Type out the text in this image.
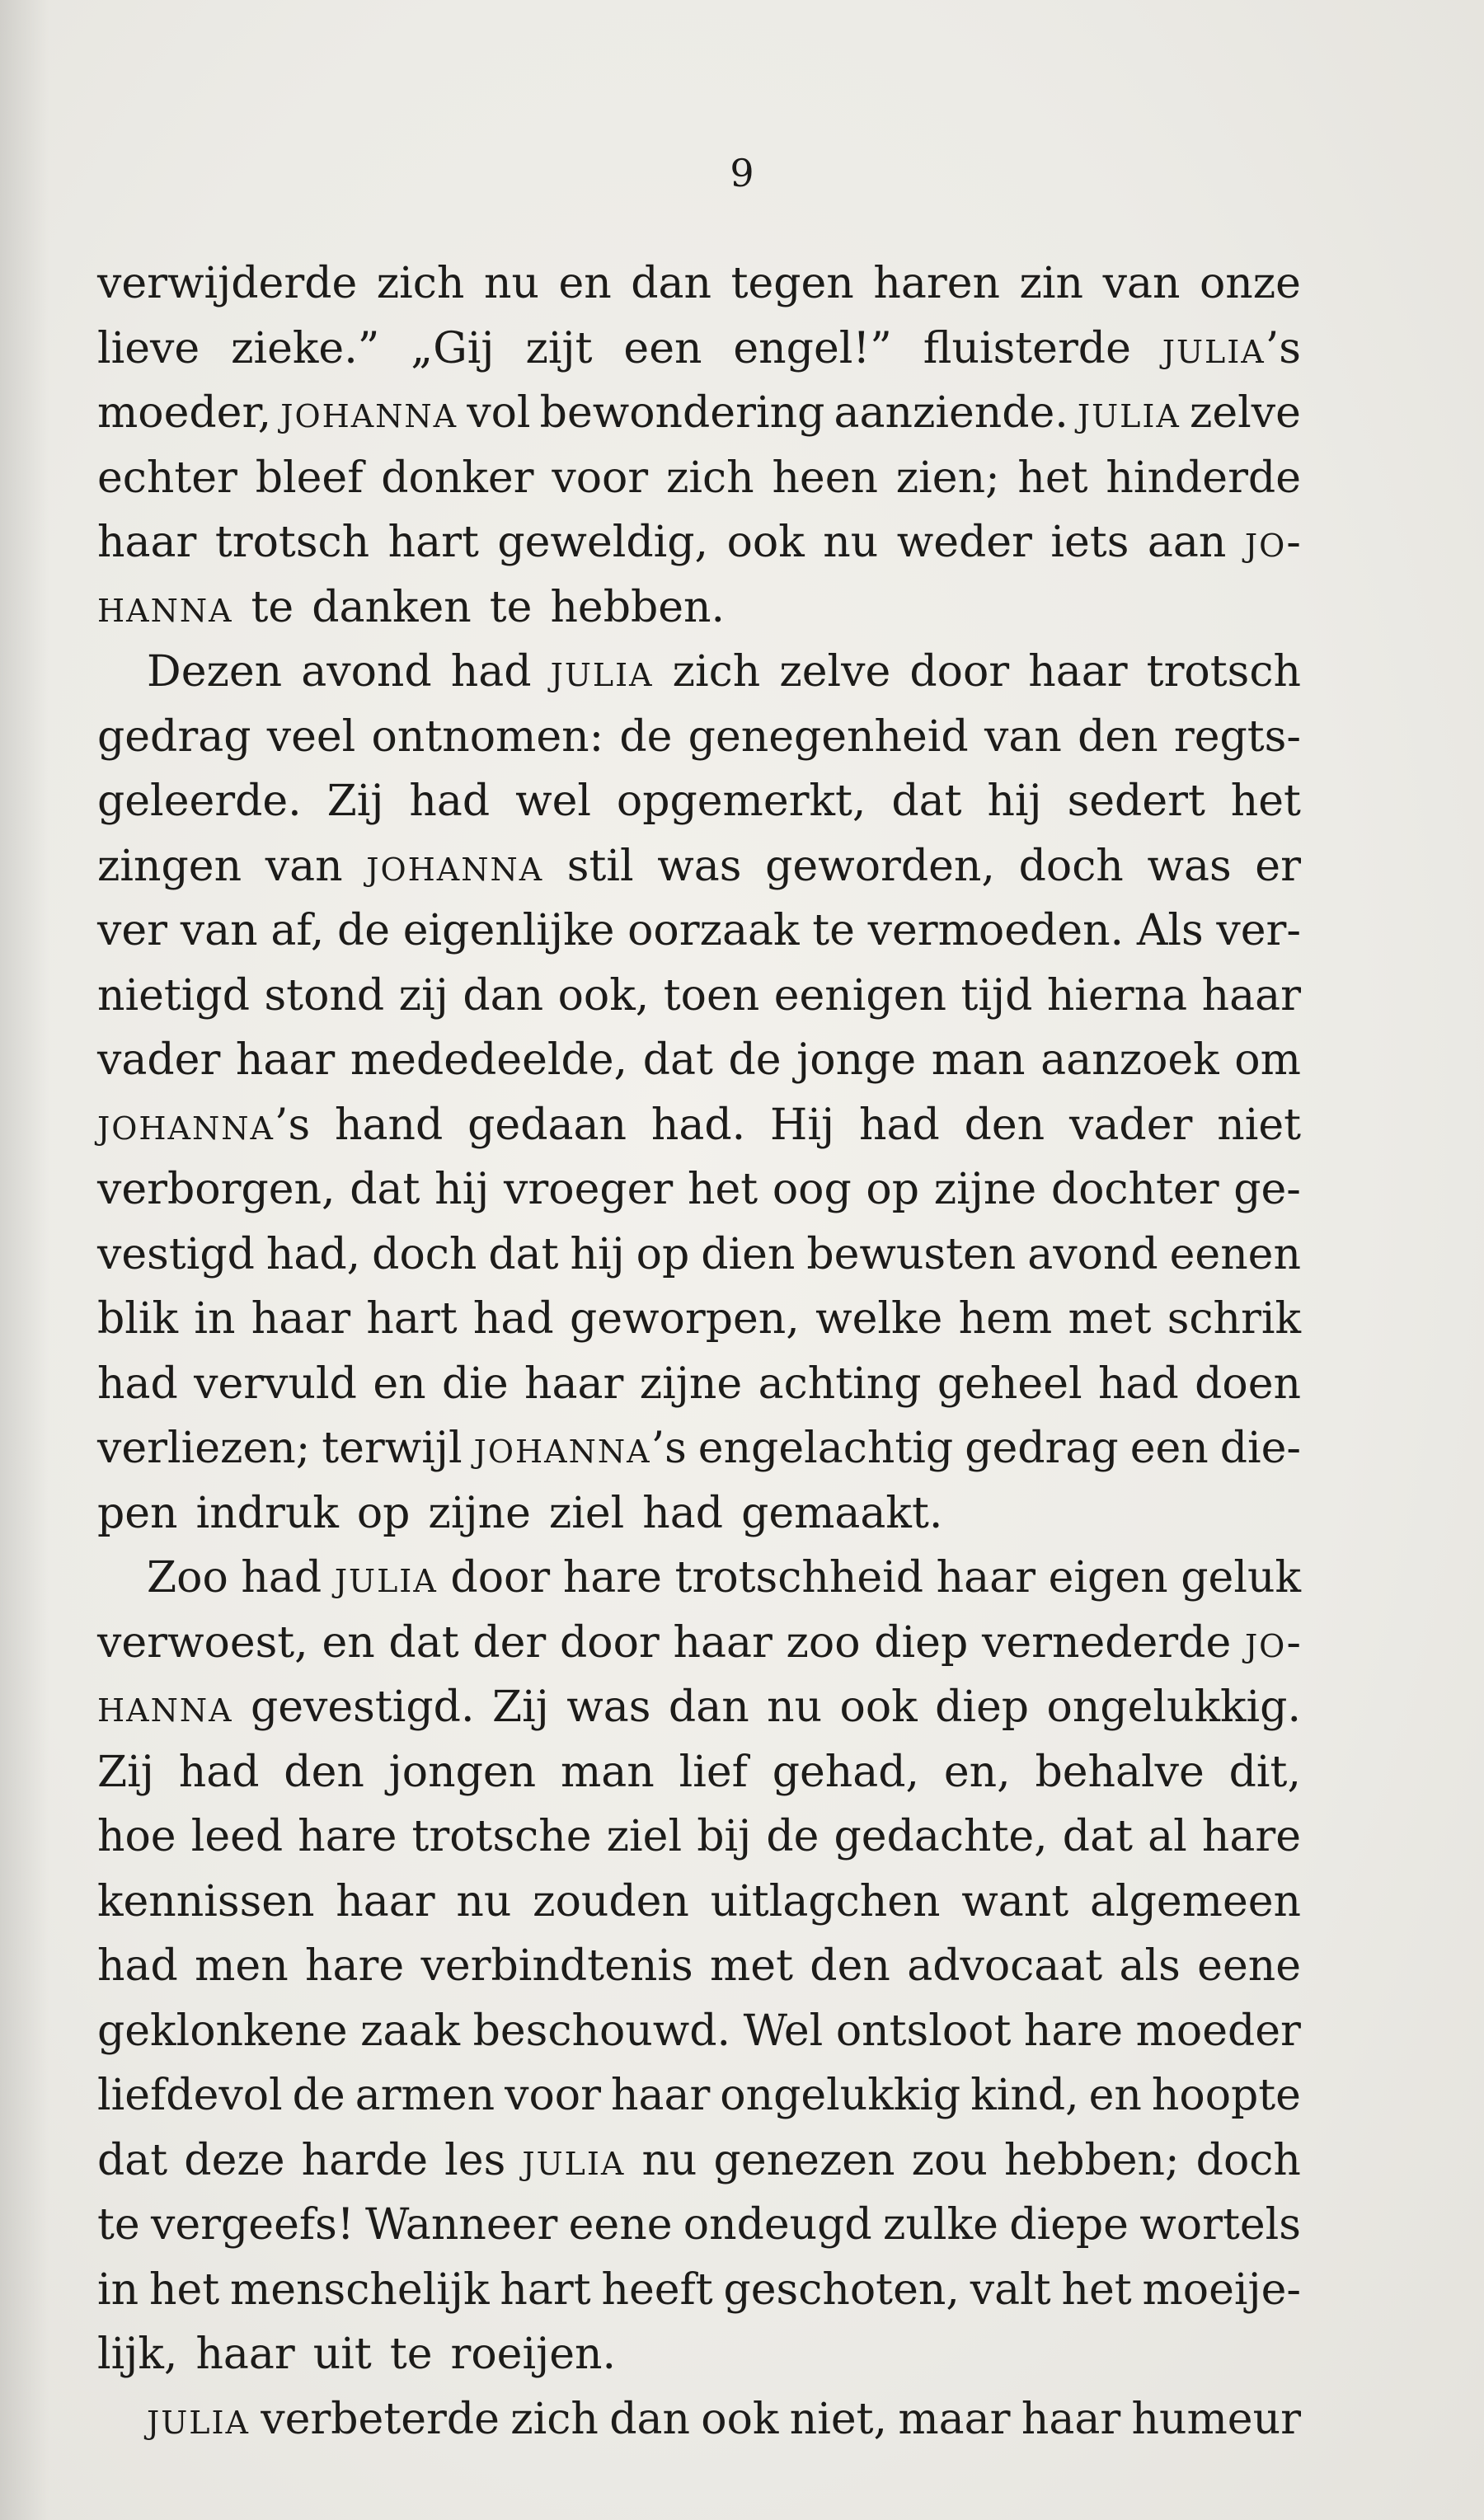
9
verwijderde zich nu en dan tegen haren zin van onze
lieve zieke.” „Gij zijt een engel!” fluisterde JULIA’s
moeder, JOHANNA vol bewondering aanziende. JULIA zelve
echter bleef donker voor zich heen zien; het hinderde
haar trotsch hart geweldig, ook nu weder iets aan JO-
HANNA te danken te hebben.
Dezen avond had JULIA zich zelve door haar trotsch
gedrag veel ontnomen: de genegenheid van den regts-
geleerde. Zij had wel opgemerkt, dat hij sedert het
zingen van JOHANNA stil was geworden, doch was er
ver van af, de eigenlijke oorzaak te vermoeden. Als ver-
nietigd stond zij dan ook, toen eenigen tijd hierna haar
vader haar mededeelde, dat de jonge man aanzoek om
JOHANNA’s hand gedaan had. Hij had den vader niet
verborgen, dat hij vroeger het oog op zijne dochter ge-
vestigd had, doch dat hij op dien bewusten avond eenen
blik in haar hart had geworpen, welke hem met schrik
had vervuld en die haar zijne achting geheel had doen
verliezen; terwijl JOHANNA’s engelachtig gedrag een die-
pen indruk op zijne ziel had gemaakt.
Zoo had JULIA door hare trotschheid haar eigen geluk
verwoest, en dat der door haar zoo diep vernederde JO-
HANNA gevestigd. Zij was dan nu ook diep ongelukkig.
Zij had den jongen man lief gehad, en, behalve dit,
hoe leed hare trotsche ziel bij de gedachte, dat al hare
kennissen haar nu zouden uitlagchen want algemeen
had men hare verbindtenis met den advocaat als eene
geklonkene zaak beschouwd. Wel ontsloot hare moeder
liefdevol de armen voor haar ongelukkig kind, en hoopte
dat deze harde les JULIA nu genezen zou hebben; doch
te vergeefs! Wanneer eene ondeugd zulke diepe wortels
in het menschelijk hart heeft geschoten, valt het moeije-
lijk, haar uit te roeijen.
JULIA verbeterde zich dan ook niet, maar haar humeur
